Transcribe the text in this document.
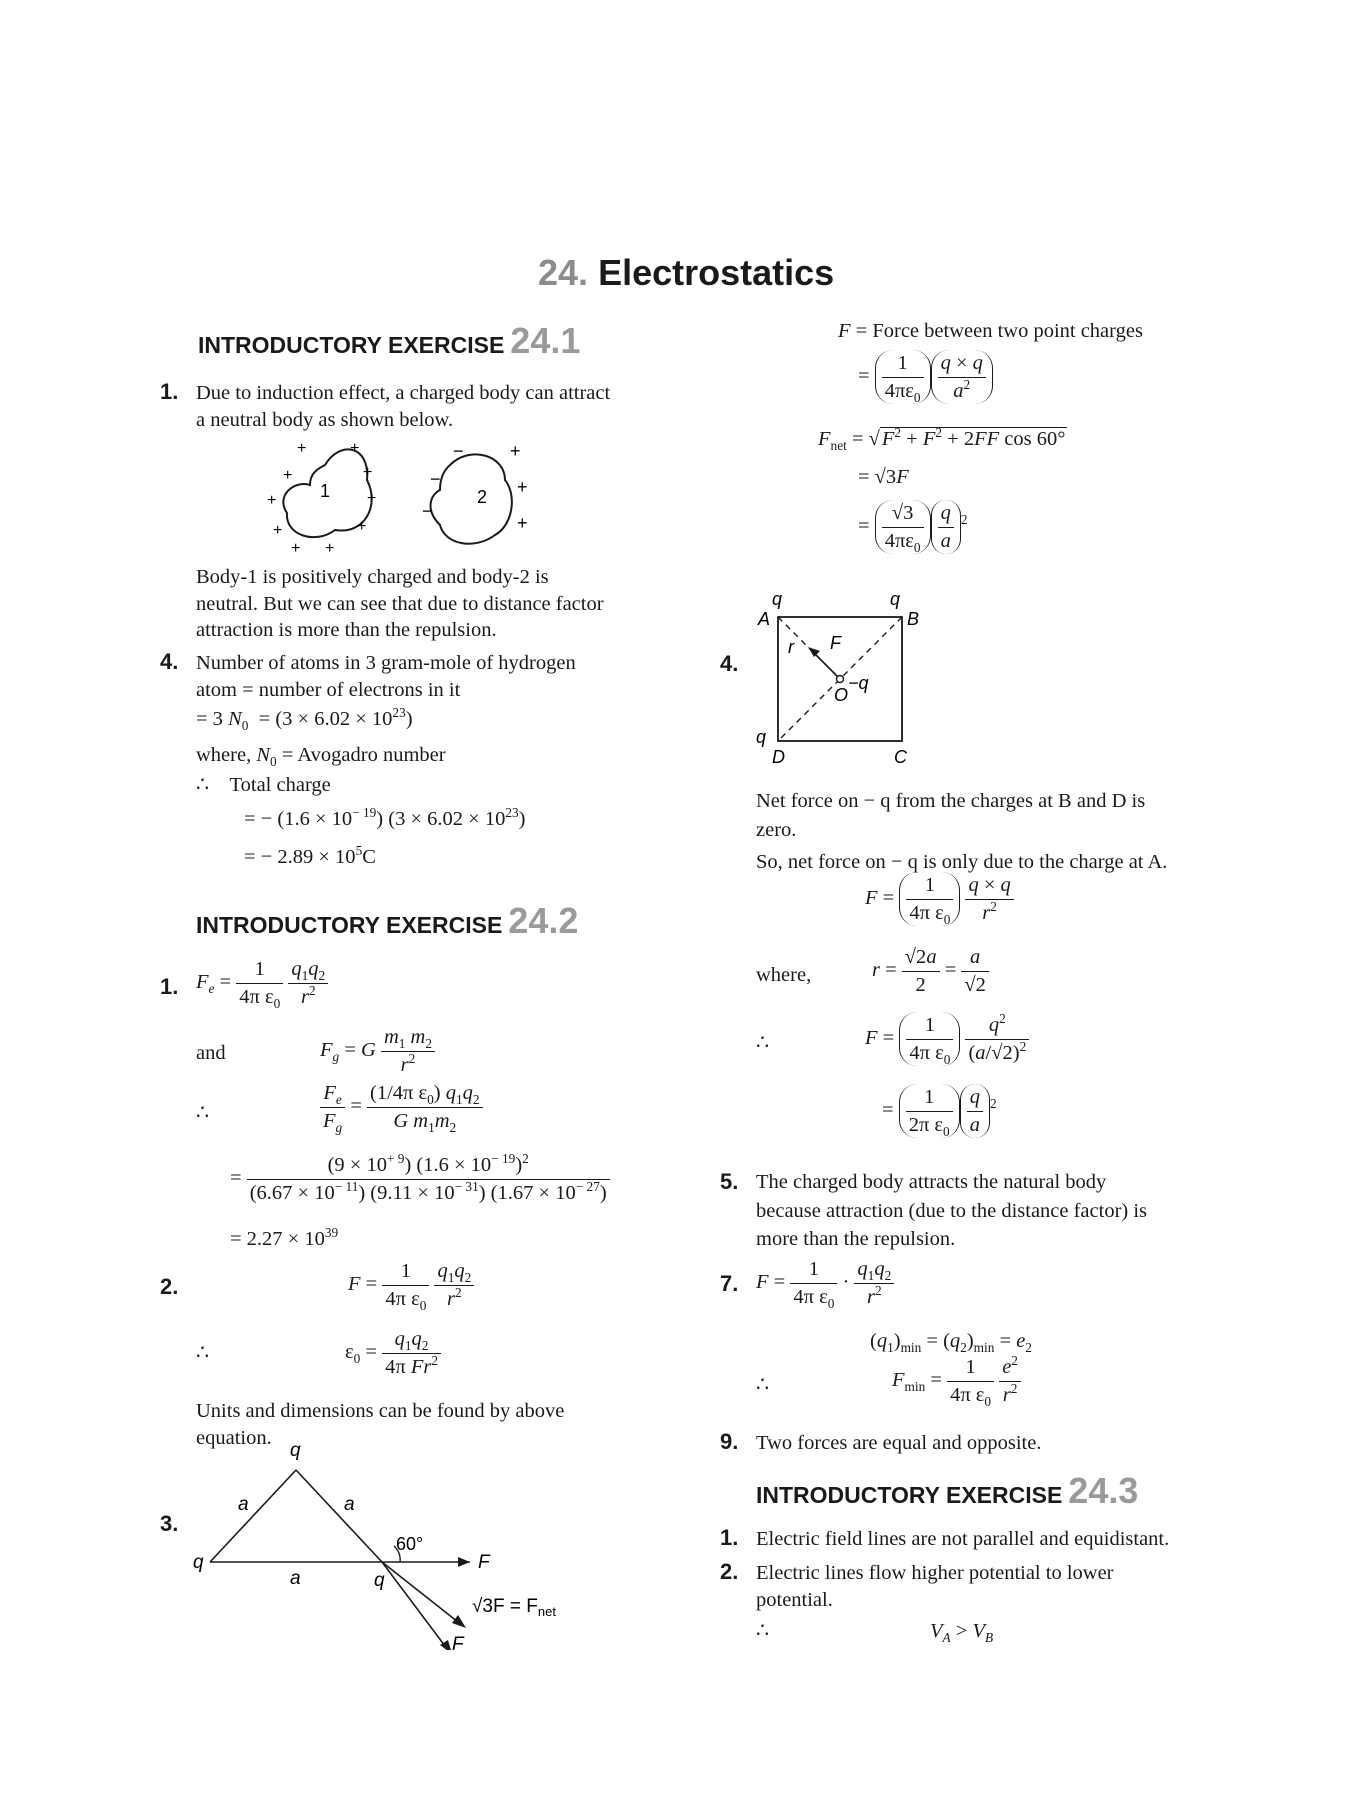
24. Electrostatics
INTRODUCTORY EXERCISE 24.1
1. Due to induction effect, a charged body can attract
a neutral body as shown below.
1
+	+
+	+
+	+
+	+
+ +
2
−
−
−
+
+
+
Body-1 is positively charged and body-2 is
neutral. But we can see that due to distance factor
attraction is more than the repulsion.
4. Number of atoms in 3 gram-mole of hydrogen
atom = number of electrons in it
= 3 $N_0 = (3 \times 6.02 \times 10^{23})$
where, $N_0$ = Avogadro number
∴ Total charge
= − $(1.6 \times 10^{- 19})$ $(3 \times 6.02 \times 10^{23})$
= − $2.89 \times 10^5C$
INTRODUCTORY EXERCISE 24.2
1. $F_e = \frac{1}{4\pi \varepsilon_0}$
$\frac{q_1q_2}{r^2}$
and	$F_g = G \frac{m_1 m_2}{r^2}$
∴	$\frac{F_e}{F_g} = \frac{(1/4\pi \varepsilon_0) q_1q_2}{G m_1m_2}$
= $\frac{(9 \times 10^{+ 9}) (1.6 \times 10^{- 19})^2}{(6.67 \times 10^{- 11}) (9.11 \times 10^{- 31}) (1.67 \times 10^{- 27})}$
= $2.27 \times 10^{39}$
2.	$F = \frac{1}{4\pi \varepsilon_0}$
$\frac{q_1q_2}{r^2}$
∴	$\varepsilon_0 = \frac{q_1q_2}{4\pi Fr^2}$
Units and dimensions can be found by above
equation.
3.
q
q
q
a	a
a
F
F
60°
$√3F = F_{net}$
F = Force between two point charges
= $\frac{1}{4\pi\varepsilon_0} \frac{q \times q}{a^2}$
$F_{net} = √F^2 + F^2 + 2FF$ cos 60°
= √3F
= $\frac{√3}{4\pi\varepsilon_0} \frac{q}{a} ^2$
4.
q	q
q
A	B
D	C
O
r F
−q
Net force on − q from the charges at B and D is
zero.
So, net force on − q is only due to the charge at A.
$F = \frac{1}{4\pi \varepsilon_0}$
$\frac{q \times q}{r^2}$
where,	$r = \frac{√2a}{2} = \frac{a}{√2}$
∴	$F = \frac{1}{4\pi \varepsilon_0}$
$\frac{q^2}{(a/√2)^2}$
= $\frac{1}{2\pi \varepsilon_0} \frac{q}{a} ^2$
5. The charged body attracts the natural body
because attraction (due to the distance factor) is
more than the repulsion.
7. $F = \frac{1}{4\pi \varepsilon_0} \cdot \frac{q_1q_2}{r^2}$
$(q_1)_{min} = (q_2)_{min} = e_2$
∴	$F_{min} = \frac{1}{4\pi \varepsilon_0}$
$\frac{e^2}{r^2}$
9. Two forces are equal and opposite.
INTRODUCTORY EXERCISE 24.3
1. Electric field lines are not parallel and equidistant.
2. Electric lines flow higher potential to lower
potential.
∴	$V_A > V_B$
